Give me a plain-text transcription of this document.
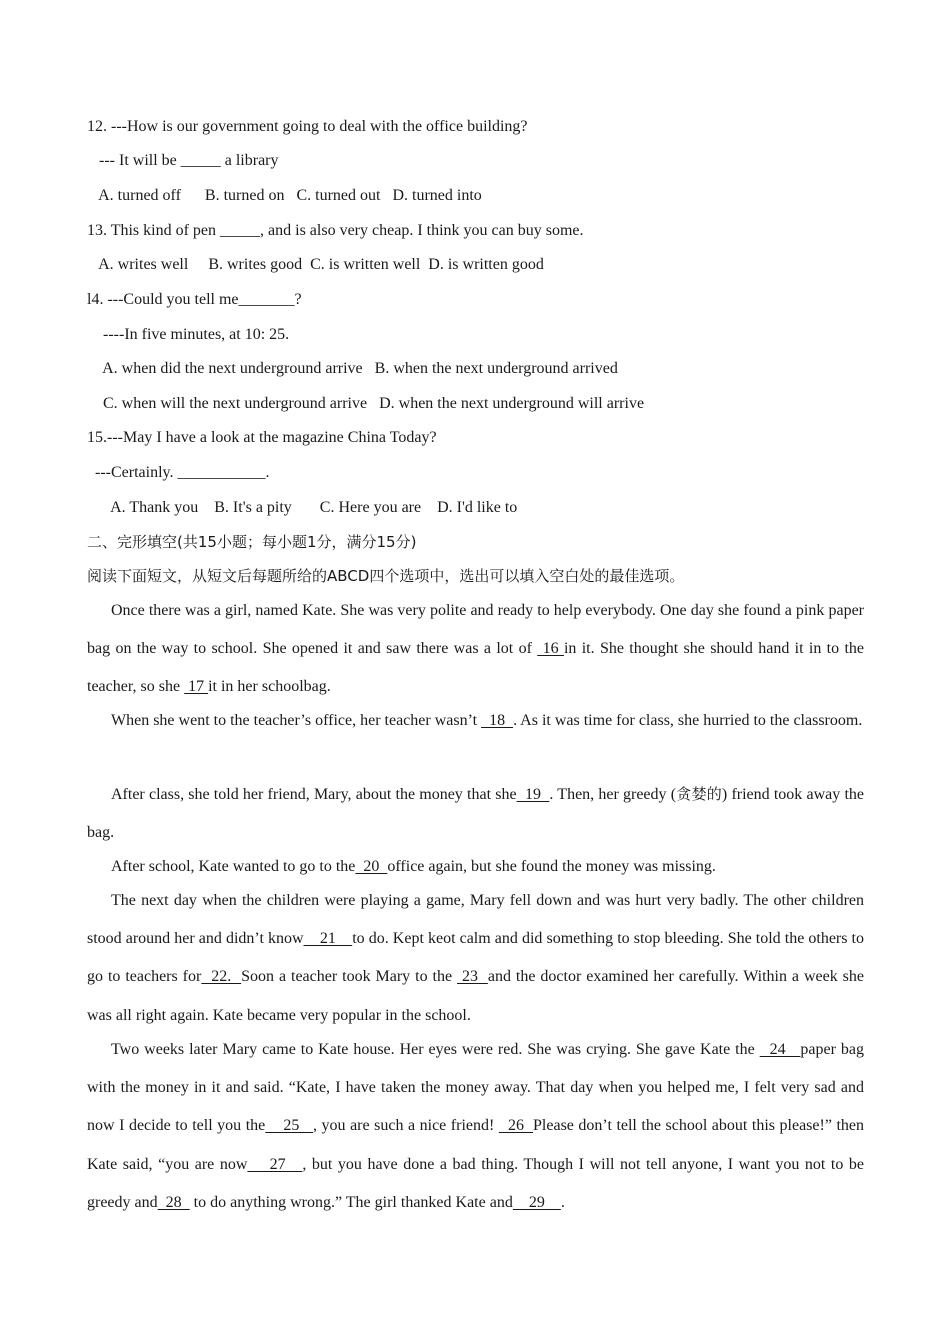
12. ---How is our government going to deal with the office building?
--- It will be _____ a library
A. turned off      B. turned on   C. turned out   D. turned into
13. This kind of pen _____, and is also very cheap. I think you can buy some.
A. writes well     B. writes good  C. is written well  D. is written good
l4. ---Could you tell me_______?
----In five minutes, at 10: 25.
A. when did the next underground arrive   B. when the next underground arrived
C. when will the next underground arrive   D. when the next underground will arrive
15.---May I have a look at the magazine China Today?
---Certainly. ___________.
A. Thank you    B. It's a pity       C. Here you are    D. I'd like to
二、完形填空(共15小题；每小题1分，满分15分)
阅读下面短文，从短文后每题所给的ABCD四个选项中，选出可以填入空白处的最佳选项。
Once there was a girl, named Kate. She was very polite and ready to help everybody. One day she found a pink paper bag on the way to school. She opened it and saw there was a lot of  16 in it. She thought she should hand it in to the teacher, so she  17 it in her schoolbag.
When she went to the teacher’s office, her teacher wasn’t   18  . As it was time for class, she hurried to the classroom.
After class, she told her friend, Mary, about the money that she  19  . Then, her greedy (贪婪的) friend took away the bag.
After school, Kate wanted to go to the  20  office again, but she found the money was missing.
The next day when the children were playing a game, Mary fell down and was hurt very badly. The other children stood around her and didn’t know    21    to do. Kept keot calm and did something to stop bleeding. She told the others to go to teachers for  22.  Soon a teacher took Mary to the  23  and the doctor examined her carefully. Within a week she was all right again. Kate became very popular in the school.
Two weeks later Mary came to Kate house. Her eyes were red. She was crying. She gave Kate the   24   paper bag with the money in it and said. “Kate, I have taken the money away. That day when you helped me, I felt very sad and now I decide to tell you the    25   , you are such a nice friend!   26  Please don’t tell the school about this please!” then Kate said, “you are now    27   , but you have done a bad thing. Though I will not tell anyone, I want you not to be greedy and  28   to do anything wrong.” The girl thanked Kate and    29    .
